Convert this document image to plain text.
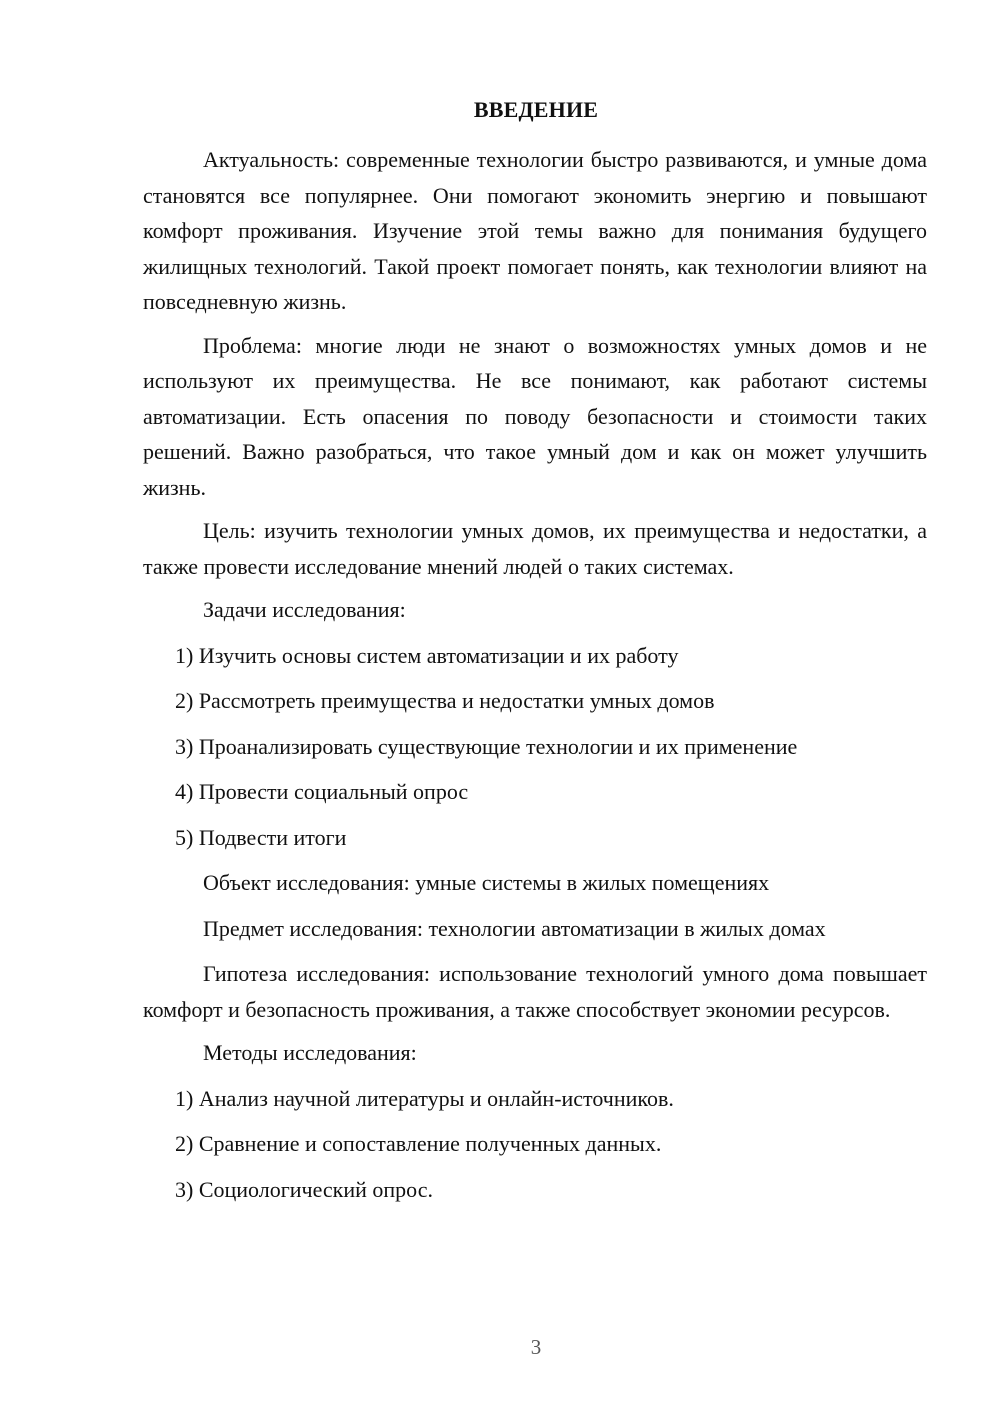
ВВЕДЕНИЕ

Актуальность: современные технологии быстро развиваются, и умные дома становятся все популярнее. Они помогают экономить энергию и повышают комфорт проживания. Изучение этой темы важно для понимания будущего жилищных технологий. Такой проект помогает понять, как технологии влияют на повседневную жизнь.

Проблема: многие люди не знают о возможностях умных домов и не используют их преимущества. Не все понимают, как работают системы автоматизации. Есть опасения по поводу безопасности и стоимости таких решений. Важно разобраться, что такое умный дом и как он может улучшить жизнь.

Цель: изучить технологии умных домов, их преимущества и недостатки, а также провести исследование мнений людей о таких системах.

Задачи исследования:

1) Изучить основы систем автоматизации и их работу

2) Рассмотреть преимущества и недостатки умных домов

3) Проанализировать существующие технологии и их применение

4) Провести социальный опрос

5) Подвести итоги

Объект исследования: умные системы в жилых помещениях

Предмет исследования: технологии автоматизации в жилых домах

Гипотеза исследования: использование технологий умного дома повышает комфорт и безопасность проживания, а также способствует экономии ресурсов.

Методы исследования:

1) Анализ научной литературы и онлайн-источников.

2) Сравнение и сопоставление полученных данных.

3) Социологический опрос.

3
